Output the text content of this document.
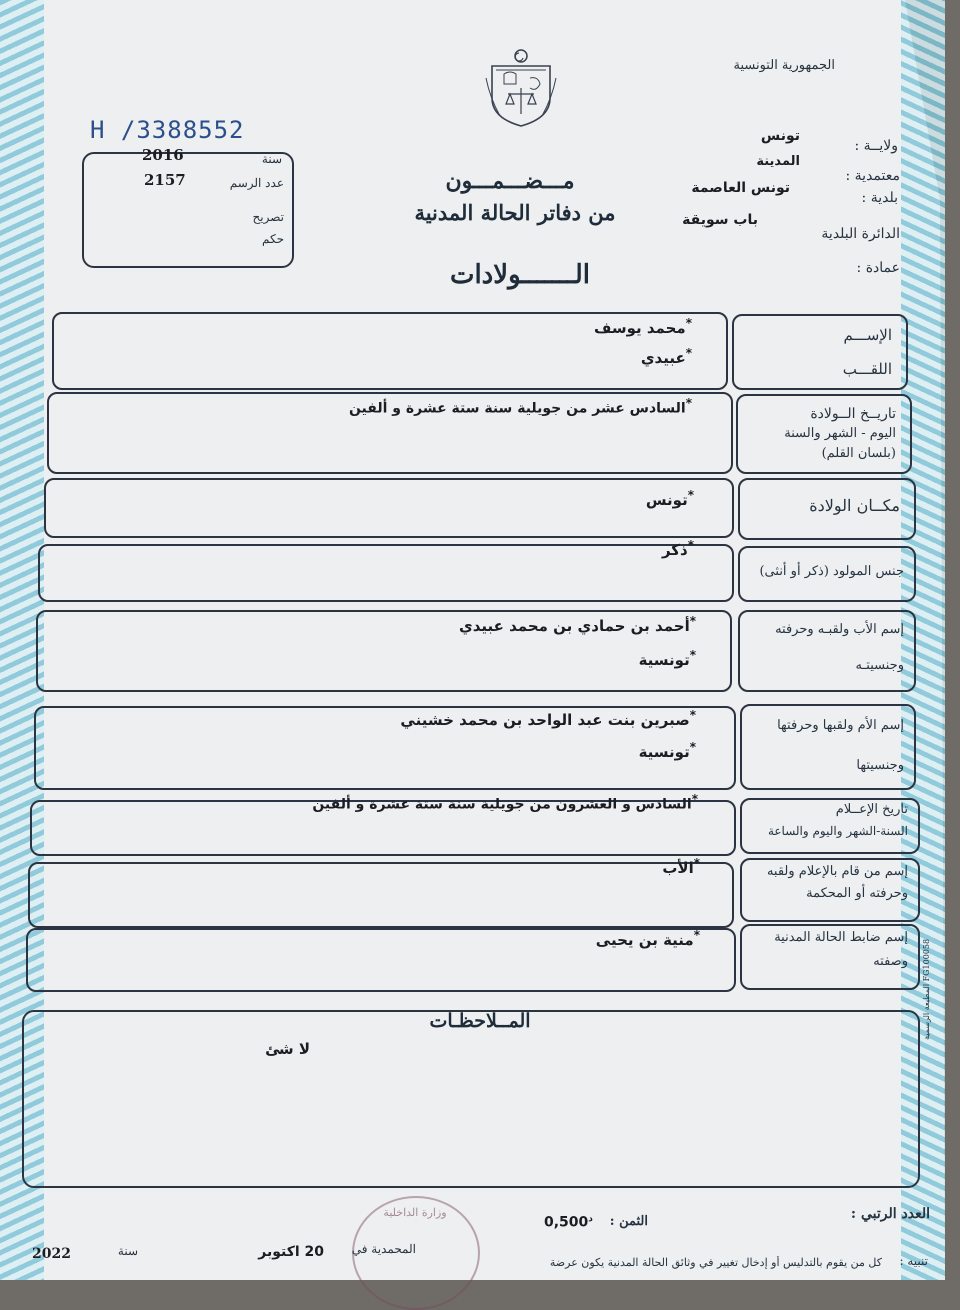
الجمهورية التونسية
H /3388552
2016	سنة
2157	عدد الرسم
تصريح
حكم
مـــضـــمـــون
من دفاتر الحالة المدنية
الـــــــولادات
ولايــة :
تونس
المدينة
معتمدية :
تونس العاصمة
بلدية :
باب سويقة
الدائرة البلدية
عمادة :
الإســـم
اللقـــب
*محمد يوسف
*عبيدي
تاريــخ الــولادة
اليوم - الشهر والسنة
(بلسان القلم)
*السادس عشر من جويلية سنة ستة عشرة و ألفين
مكــان الولادة
*تونس
جنس المولود (ذكر أو أنثى)
*ذكر
إسم الأب ولقبـه وحرفته
وجنسيتـه
*أحمد بن حمادي بن محمد عبيدي
*تونسية
إسم الأم ولقبها وحرفتها
وجنسيتها
*صبرين بنت عبد الواحد بن محمد خشيني
*تونسية
تاريخ الإعــلام
السنة-الشهر واليوم والساعة
*السادس و العشرون من جويلية سنة ستة عشرة و ألفين
إسم من قام بالإعلام ولقبه
وحرفته أو المحكمة
*الأب
إسم ضابط الحالة المدنية
وصفته
*منية بن يحيى
المــلاحظـات
لا شئ
المطبعة الرسمية FG100058
العدد الرتبي :
الثمن :
$0,500^د$
وزارة الداخلية
20 اكتوبر	المحمدية في
سنة
2022	تنبيه :
كل من يقوم بالتدليس أو إدخال تغيير في وثائق الحالة المدنية يكون عرضة
